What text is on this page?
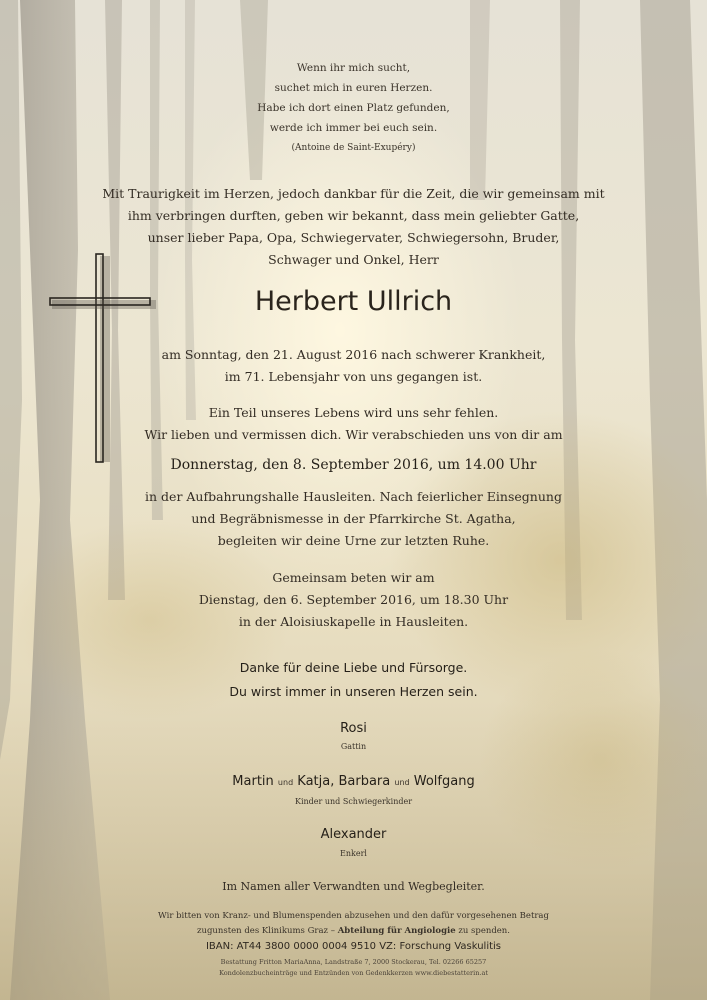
Wenn ihr mich sucht,
suchet mich in euren Herzen.
Habe ich dort einen Platz gefunden,
werde ich immer bei euch sein.
(Antoine de Saint-Exupéry)
Mit Traurigkeit im Herzen, jedoch dankbar für die Zeit, die wir gemeinsam mit
ihm verbringen durften, geben wir bekannt, dass mein geliebter Gatte,
unser lieber Papa, Opa, Schwiegervater, Schwiegersohn, Bruder,
Schwager und Onkel, Herr
Herbert Ullrich
am Sonntag, den 21. August 2016 nach schwerer Krankheit,
im 71. Lebensjahr von uns gegangen ist.
Ein Teil unseres Lebens wird uns sehr fehlen.
Wir lieben und vermissen dich. Wir verabschieden uns von dir am
Donnerstag, den 8. September 2016, um 14.00 Uhr
in der Aufbahrungshalle Hausleiten. Nach feierlicher Einsegnung
und Begräbnismesse in der Pfarrkirche St. Agatha,
begleiten wir deine Urne zur letzten Ruhe.
Gemeinsam beten wir am
Dienstag, den 6. September 2016, um 18.30 Uhr
in der Aloisiuskapelle in Hausleiten.
Danke für deine Liebe und Fürsorge.
Du wirst immer in unseren Herzen sein.
Rosi
Gattin
Martin und Katja, Barbara und Wolfgang
Kinder und Schwiegerkinder
Alexander
Enkerl
Im Namen aller Verwandten und Wegbegleiter.
Wir bitten von Kranz- und Blumenspenden abzusehen und den dafür vorgesehenen Betrag
zugunsten des Klinikums Graz – Abteilung für Angiologie zu spenden.
IBAN: AT44 3800 0000 0004 9510 VZ: Forschung Vaskulitis
Bestattung Fritton MariaAnna, Landstraße 7, 2000 Stockerau, Tel. 02266 65257
Kondolenzbucheinträge und Entzünden von Gedenkkerzen www.diebestatterin.at
